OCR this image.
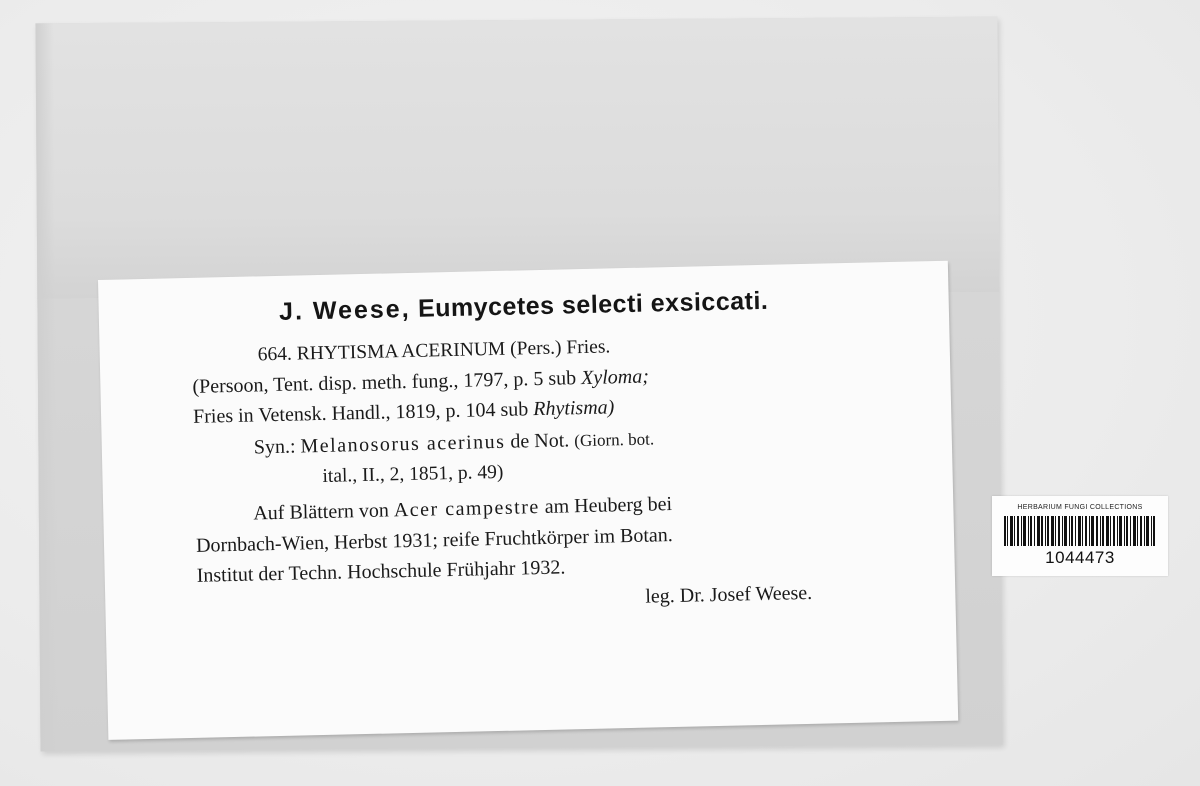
J. Weese, Eumycetes selecti exsiccati.
664. RHYTISMA ACERINUM (Pers.) Fries.
(Persoon, Tent. disp. meth. fung., 1797, p. 5 sub Xyloma;
Fries in Vetensk. Handl., 1819, p. 104 sub Rhytisma)
Syn.: Melanosorus acerinus de Not. (Giorn. bot.
ital., II., 2, 1851, p. 49)
Auf Blättern von Acer campestre am Heuberg bei
Dornbach-Wien, Herbst 1931; reife Fruchtkörper im Botan.
Institut der Techn. Hochschule Frühjahr 1932.
leg. Dr. Josef Weese.
HERBARIUM FUNGI COLLECTIONS
1044473
